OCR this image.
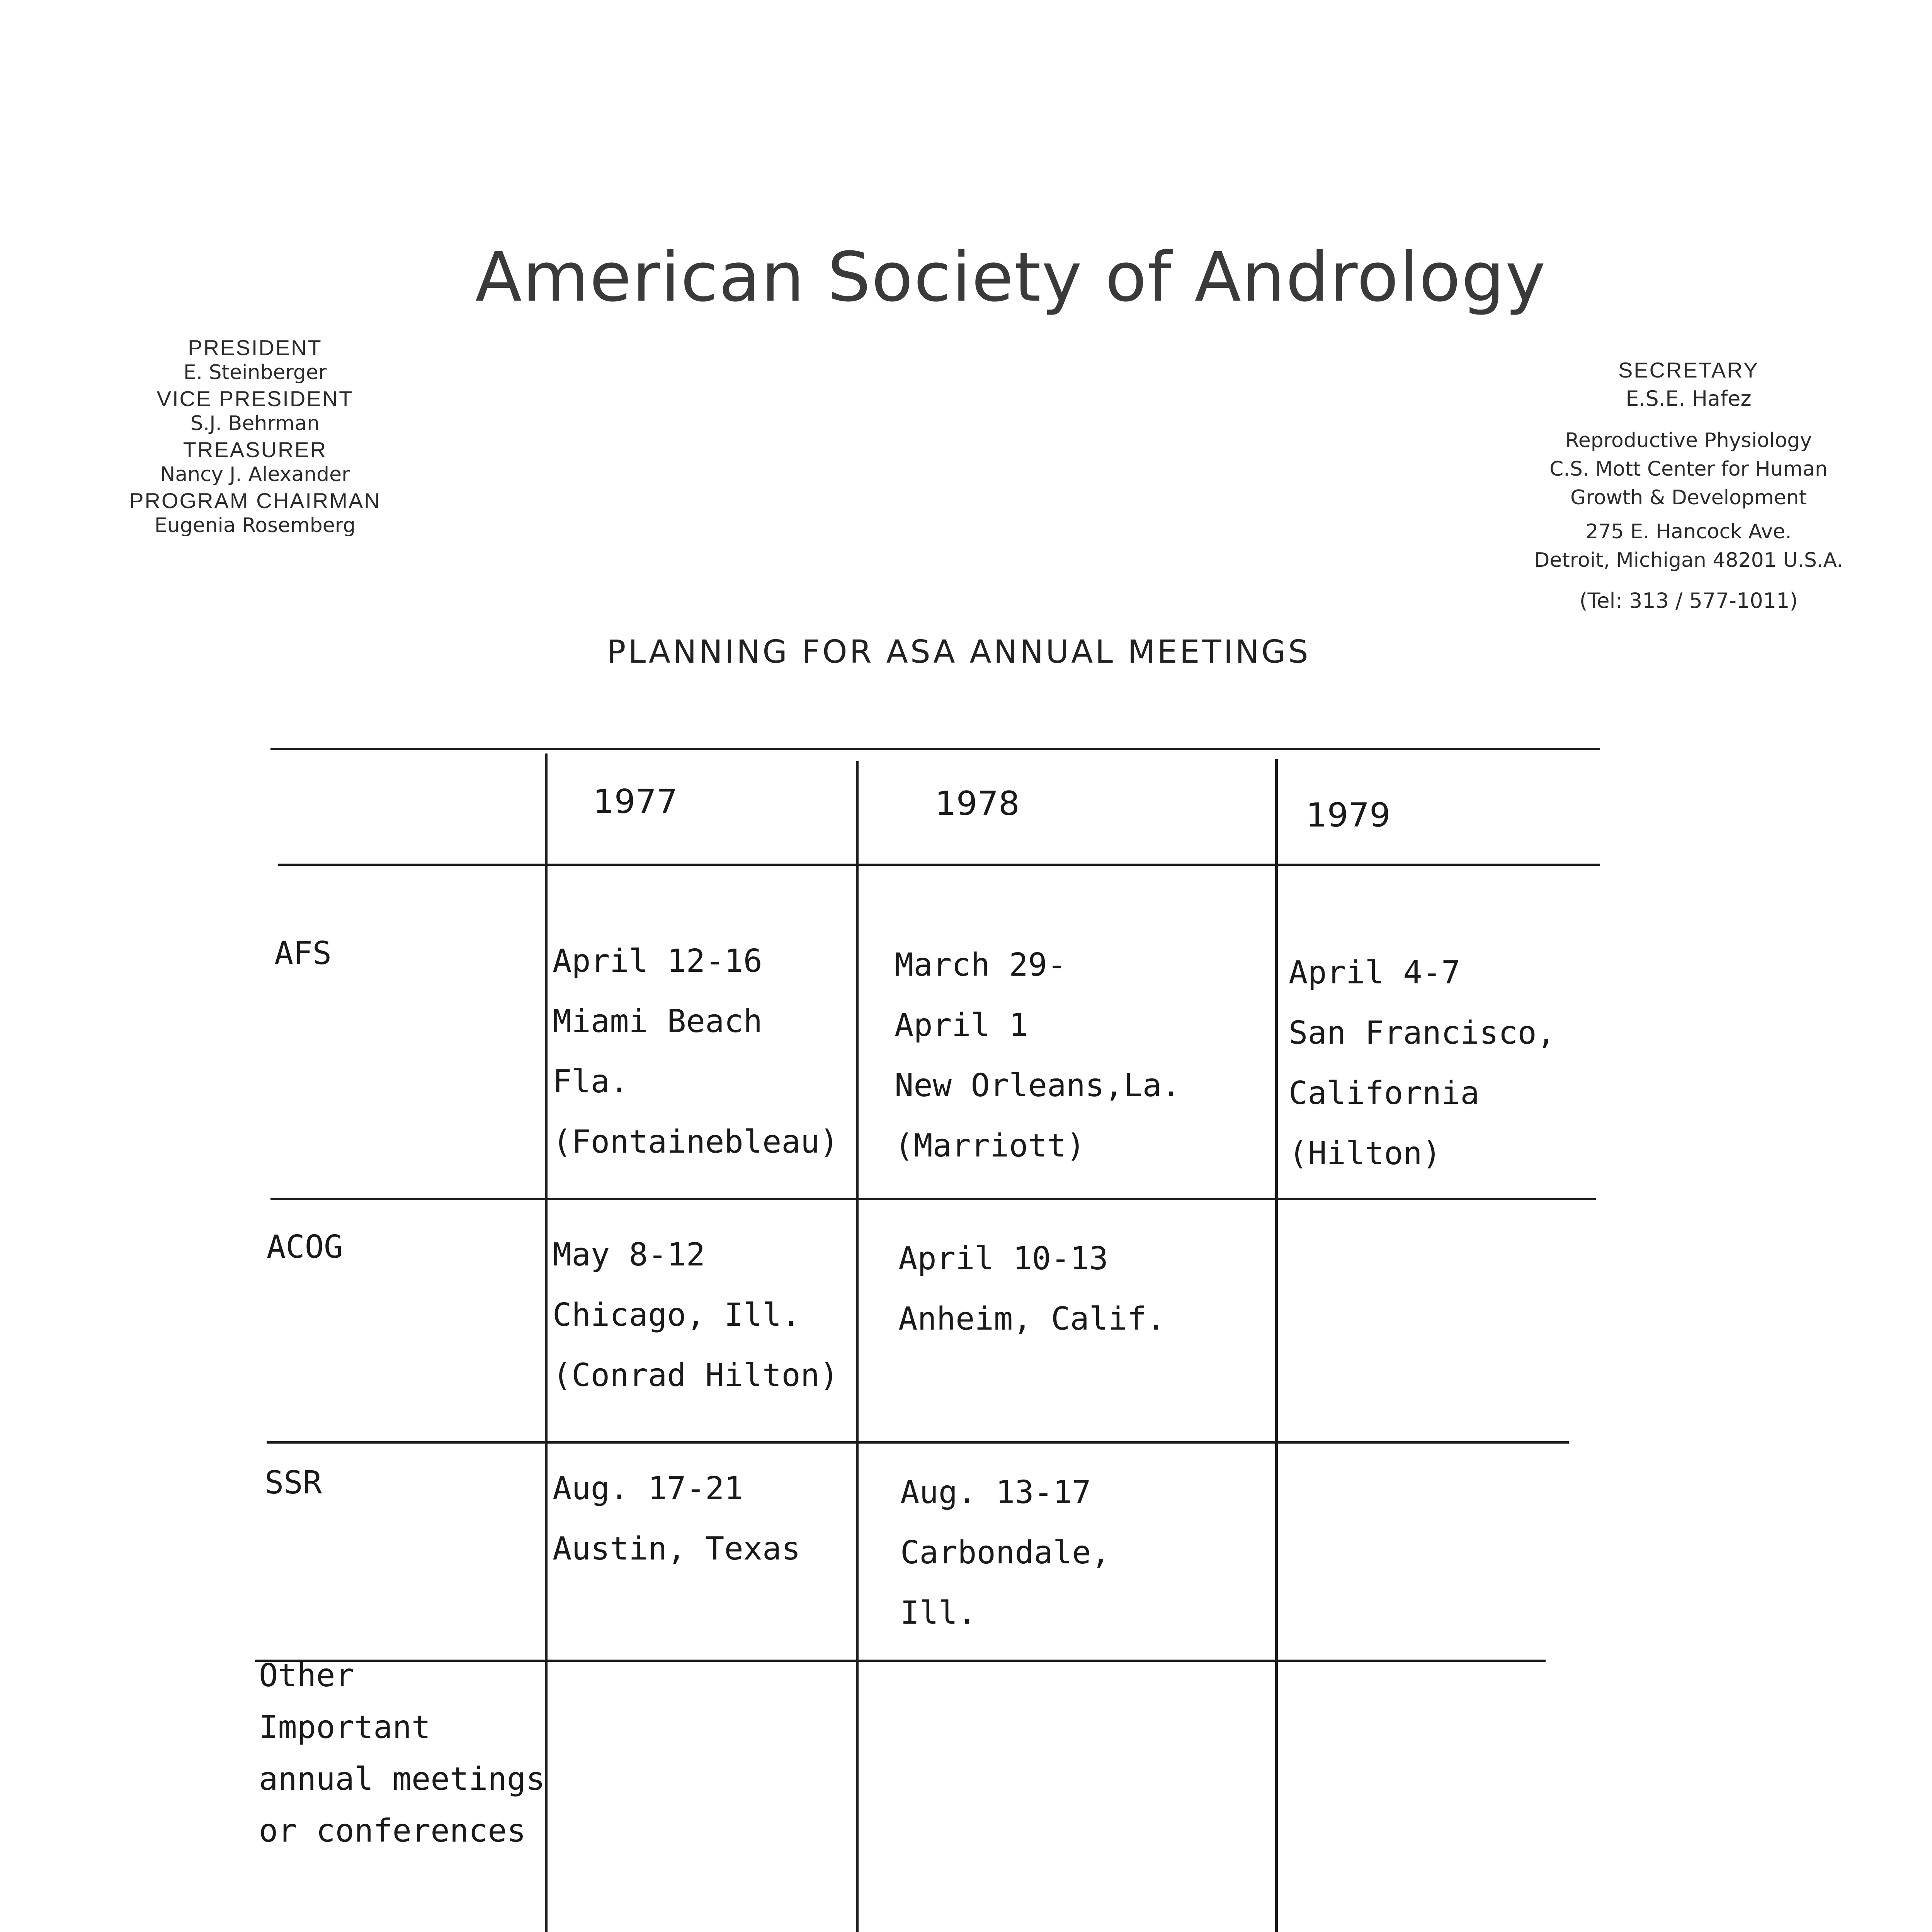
American Society of Andrology
PRESIDENT
E. Steinberger
VICE PRESIDENT
S.J. Behrman
TREASURER
Nancy J. Alexander
PROGRAM CHAIRMAN
Eugenia Rosemberg
SECRETARY
E.S.E. Hafez
Reproductive Physiology
C.S. Mott Center for Human
Growth & Development
275 E. Hancock Ave.
Detroit, Michigan 48201 U.S.A.
(Tel: 313 / 577-1011)
PLANNING FOR ASA ANNUAL MEETINGS
1977	1978	1979
AFS
ACOG
SSR
Other
Important
annual meetings
or conferences
April 12-16
Miami Beach
Fla.
(Fontainebleau)
March 29-
April 1
New Orleans,La.
(Marriott)
April 4-7
San Francisco,
California
(Hilton)
May 8-12
Chicago, Ill.
(Conrad Hilton)
April 10-13
Anheim, Calif.
Aug. 17-21
Austin, Texas
Aug. 13-17
Carbondale,
Ill.
